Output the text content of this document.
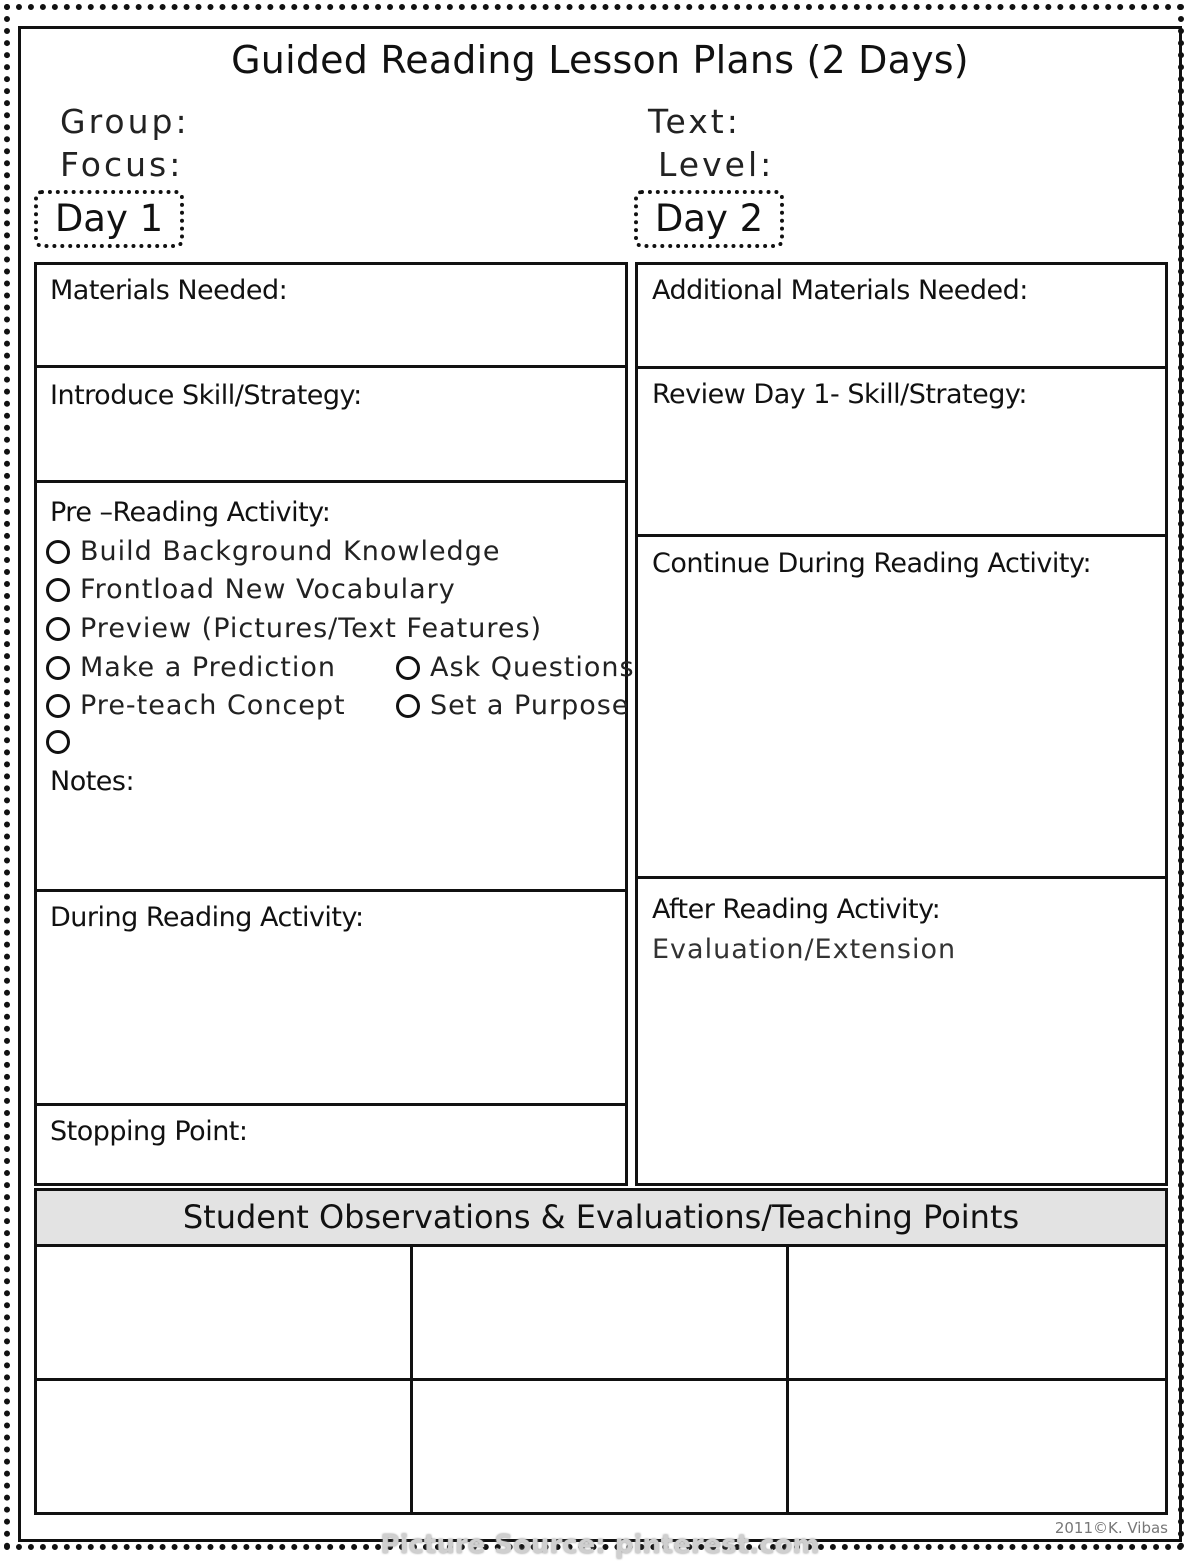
Guided Reading Lesson Plans (2 Days)
Group:
Focus:
Text:
Level:
Day 1	Day 2
Materials Needed:
Introduce Skill/Strategy:
Pre –Reading Activity:
Build Background Knowledge
Frontload New Vocabulary
Preview (Pictures/Text Features)
Make a Prediction	Ask Questions
Pre-teach Concept	Set a Purpose
Notes:
During Reading Activity:
Stopping Point:
Additional Materials Needed:
Review Day 1- Skill/Strategy:
Continue During Reading Activity:
After Reading Activity:
Evaluation/Extension
Student Observations & Evaluations/Teaching Points
2011©K. Vibas
Picture Source: pinterest.com
